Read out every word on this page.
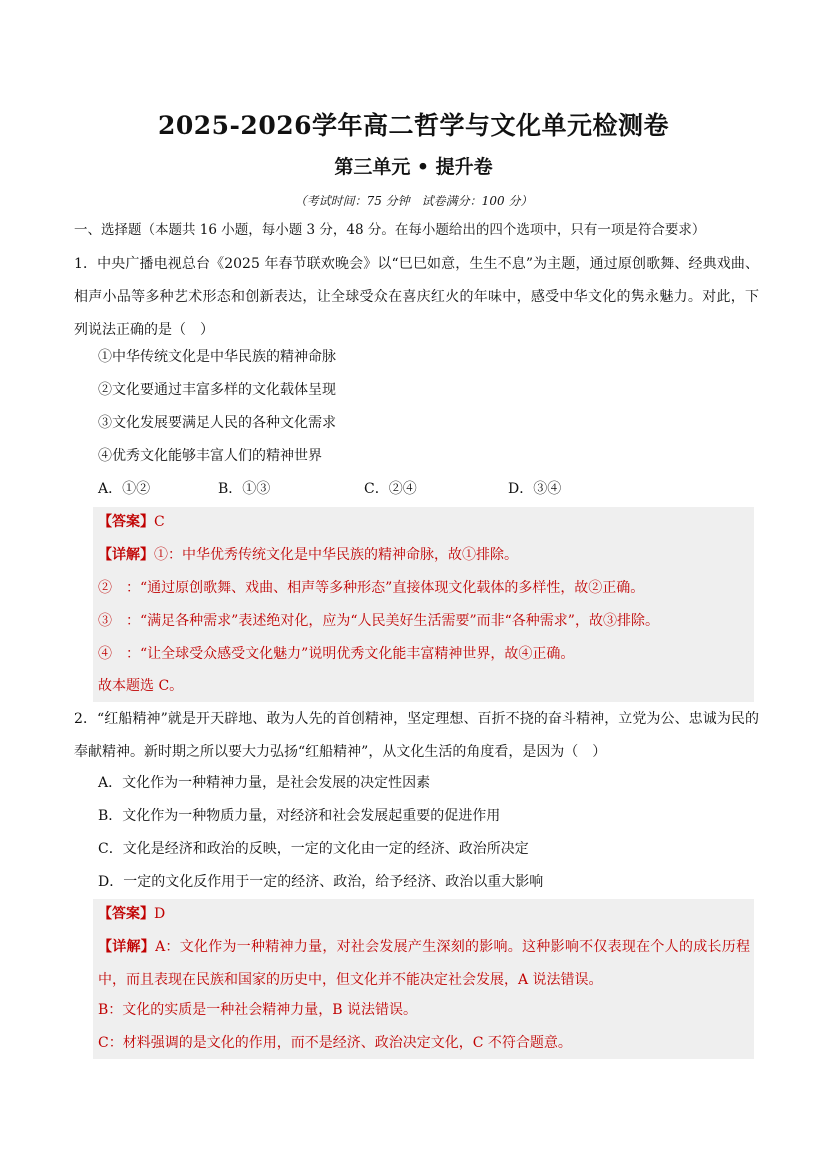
2025-2026学年高二哲学与文化单元检测卷
第三单元 • 提升卷
（考试时间：75 分钟　试卷满分：100 分）
一、选择题（本题共 16 小题，每小题 3 分，48 分。在每小题给出的四个选项中，只有一项是符合要求）
1．中央广播电视总台《2025 年春节联欢晚会》以“巳巳如意，生生不息”为主题，通过原创歌舞、经典戏曲、相声小品等多种艺术形态和创新表达，让全球受众在喜庆红火的年味中，感受中华文化的隽永魅力。对此，下列说法正确的是（　）
①中华传统文化是中华民族的精神命脉
②文化要通过丰富多样的文化载体呈现
③文化发展要满足人民的各种文化需求
④优秀文化能够丰富人们的精神世界
A．①②	B．①③	C．②④	D．③④
【答案】C
【详解】①：中华优秀传统文化是中华民族的精神命脉，故①排除。
②　：“通过原创歌舞、戏曲、相声等多种形态”直接体现文化载体的多样性，故②正确。
③　：“满足各种需求”表述绝对化，应为“人民美好生活需要”而非“各种需求”，故③排除。
④　：“让全球受众感受文化魅力”说明优秀文化能丰富精神世界，故④正确。
故本题选 C。
2．“红船精神”就是开天辟地、敢为人先的首创精神，坚定理想、百折不挠的奋斗精神，立党为公、忠诚为民的奉献精神。新时期之所以要大力弘扬“红船精神”，从文化生活的角度看，是因为（　）
A．文化作为一种精神力量，是社会发展的决定性因素
B．文化作为一种物质力量，对经济和社会发展起重要的促进作用
C．文化是经济和政治的反映，一定的文化由一定的经济、政治所决定
D．一定的文化反作用于一定的经济、政治，给予经济、政治以重大影响
【答案】D
【详解】A：文化作为一种精神力量，对社会发展产生深刻的影响。这种影响不仅表现在个人的成长历程中，而且表现在民族和国家的历史中，但文化并不能决定社会发展，A 说法错误。
B：文化的实质是一种社会精神力量，B 说法错误。
C：材料强调的是文化的作用，而不是经济、政治决定文化，C 不符合题意。
